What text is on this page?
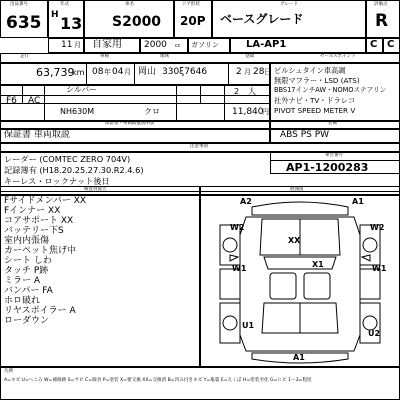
出品番号
635
年式
H 13
車名
S2000
ドア形状
20P
グレード
ベースグレード
評価点
R
11 月 自家用 2000 cc ガソリン	LA-AP1	C C
走行	車検	地域	登録	セールスポイント
63,739
km 08 年 04 月 岡山 330ξ7646	2 月 28 日 ビルシュタイン車高調
無限マフラー・LSD (ATS)
BBS17インチAW・NOMOステアリン
社外ナビ・TV・ドラレコ
PIVOT SPEED METER V
F6 AC
シルバー	2 人
NH630M	クロ	11,840
円
保証書・車両取扱説明書
保証書 車両取説
装備
ABS PS PW
注意事項
レーダー (COMTEC ZERO 704V)
記録簿有 (H18.20.25.27.30.R2.4.6)
キーレス・ロックナット後日
車台番号
AP1-1200283
検査員報告
Fサイドメンバー XX
Fインナー XX
コアサポート XX
バッテリー下S
室内内張傷
カーペット焦げ中
シート しわ
タッチ P跡
ミラー A
バンパー FA
ホロ破れ
リヤスポイラー A
ローダウン
展開図
A2
W2	W2
XX
X1
W1	W1
U1
U2
A1
A1
凡例
A=キズ U=へこみ W=補修跡 S=サビ C=腐食 P=塗装 X=要交換 XX=交換済 B=凹み付きキズ Y=亀裂 E=えくぼ H=塗装劣化 G=ヒビ 1〜3=程度
